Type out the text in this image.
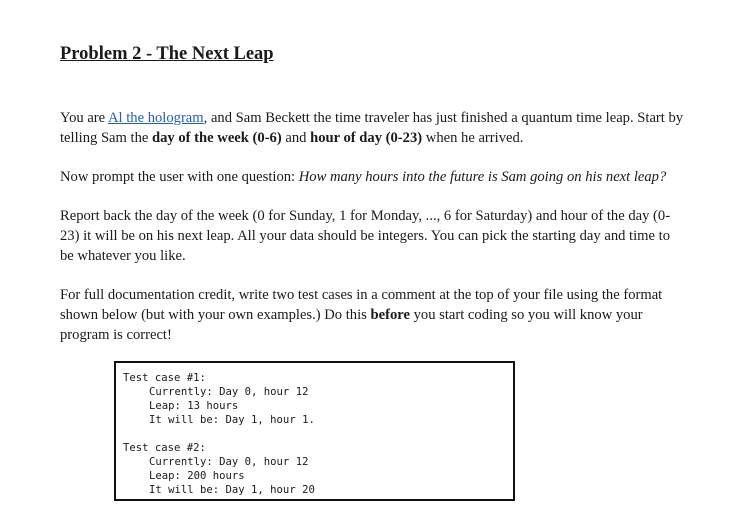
Problem 2 - The Next Leap

You are Al the hologram, and Sam Beckett the time traveler has just finished a quantum time leap. Start by telling Sam the day of the week (0-6) and hour of day (0-23) when he arrived.

Now prompt the user with one question: How many hours into the future is Sam going on his next leap?

Report back the day of the week (0 for Sunday, 1 for Monday, ..., 6 for Saturday) and hour of the day (0-23) it will be on his next leap. All your data should be integers. You can pick the starting day and time to be whatever you like.

For full documentation credit, write two test cases in a comment at the top of your file using the format shown below (but with your own examples.) Do this before you start coding so you will know your program is correct!

Test case #1:
Currently: Day 0, hour 12
Leap: 13 hours
It will be: Day 1, hour 1.
Test case #2:
Currently: Day 0, hour 12
Leap: 200 hours
It will be: Day 1, hour 20
